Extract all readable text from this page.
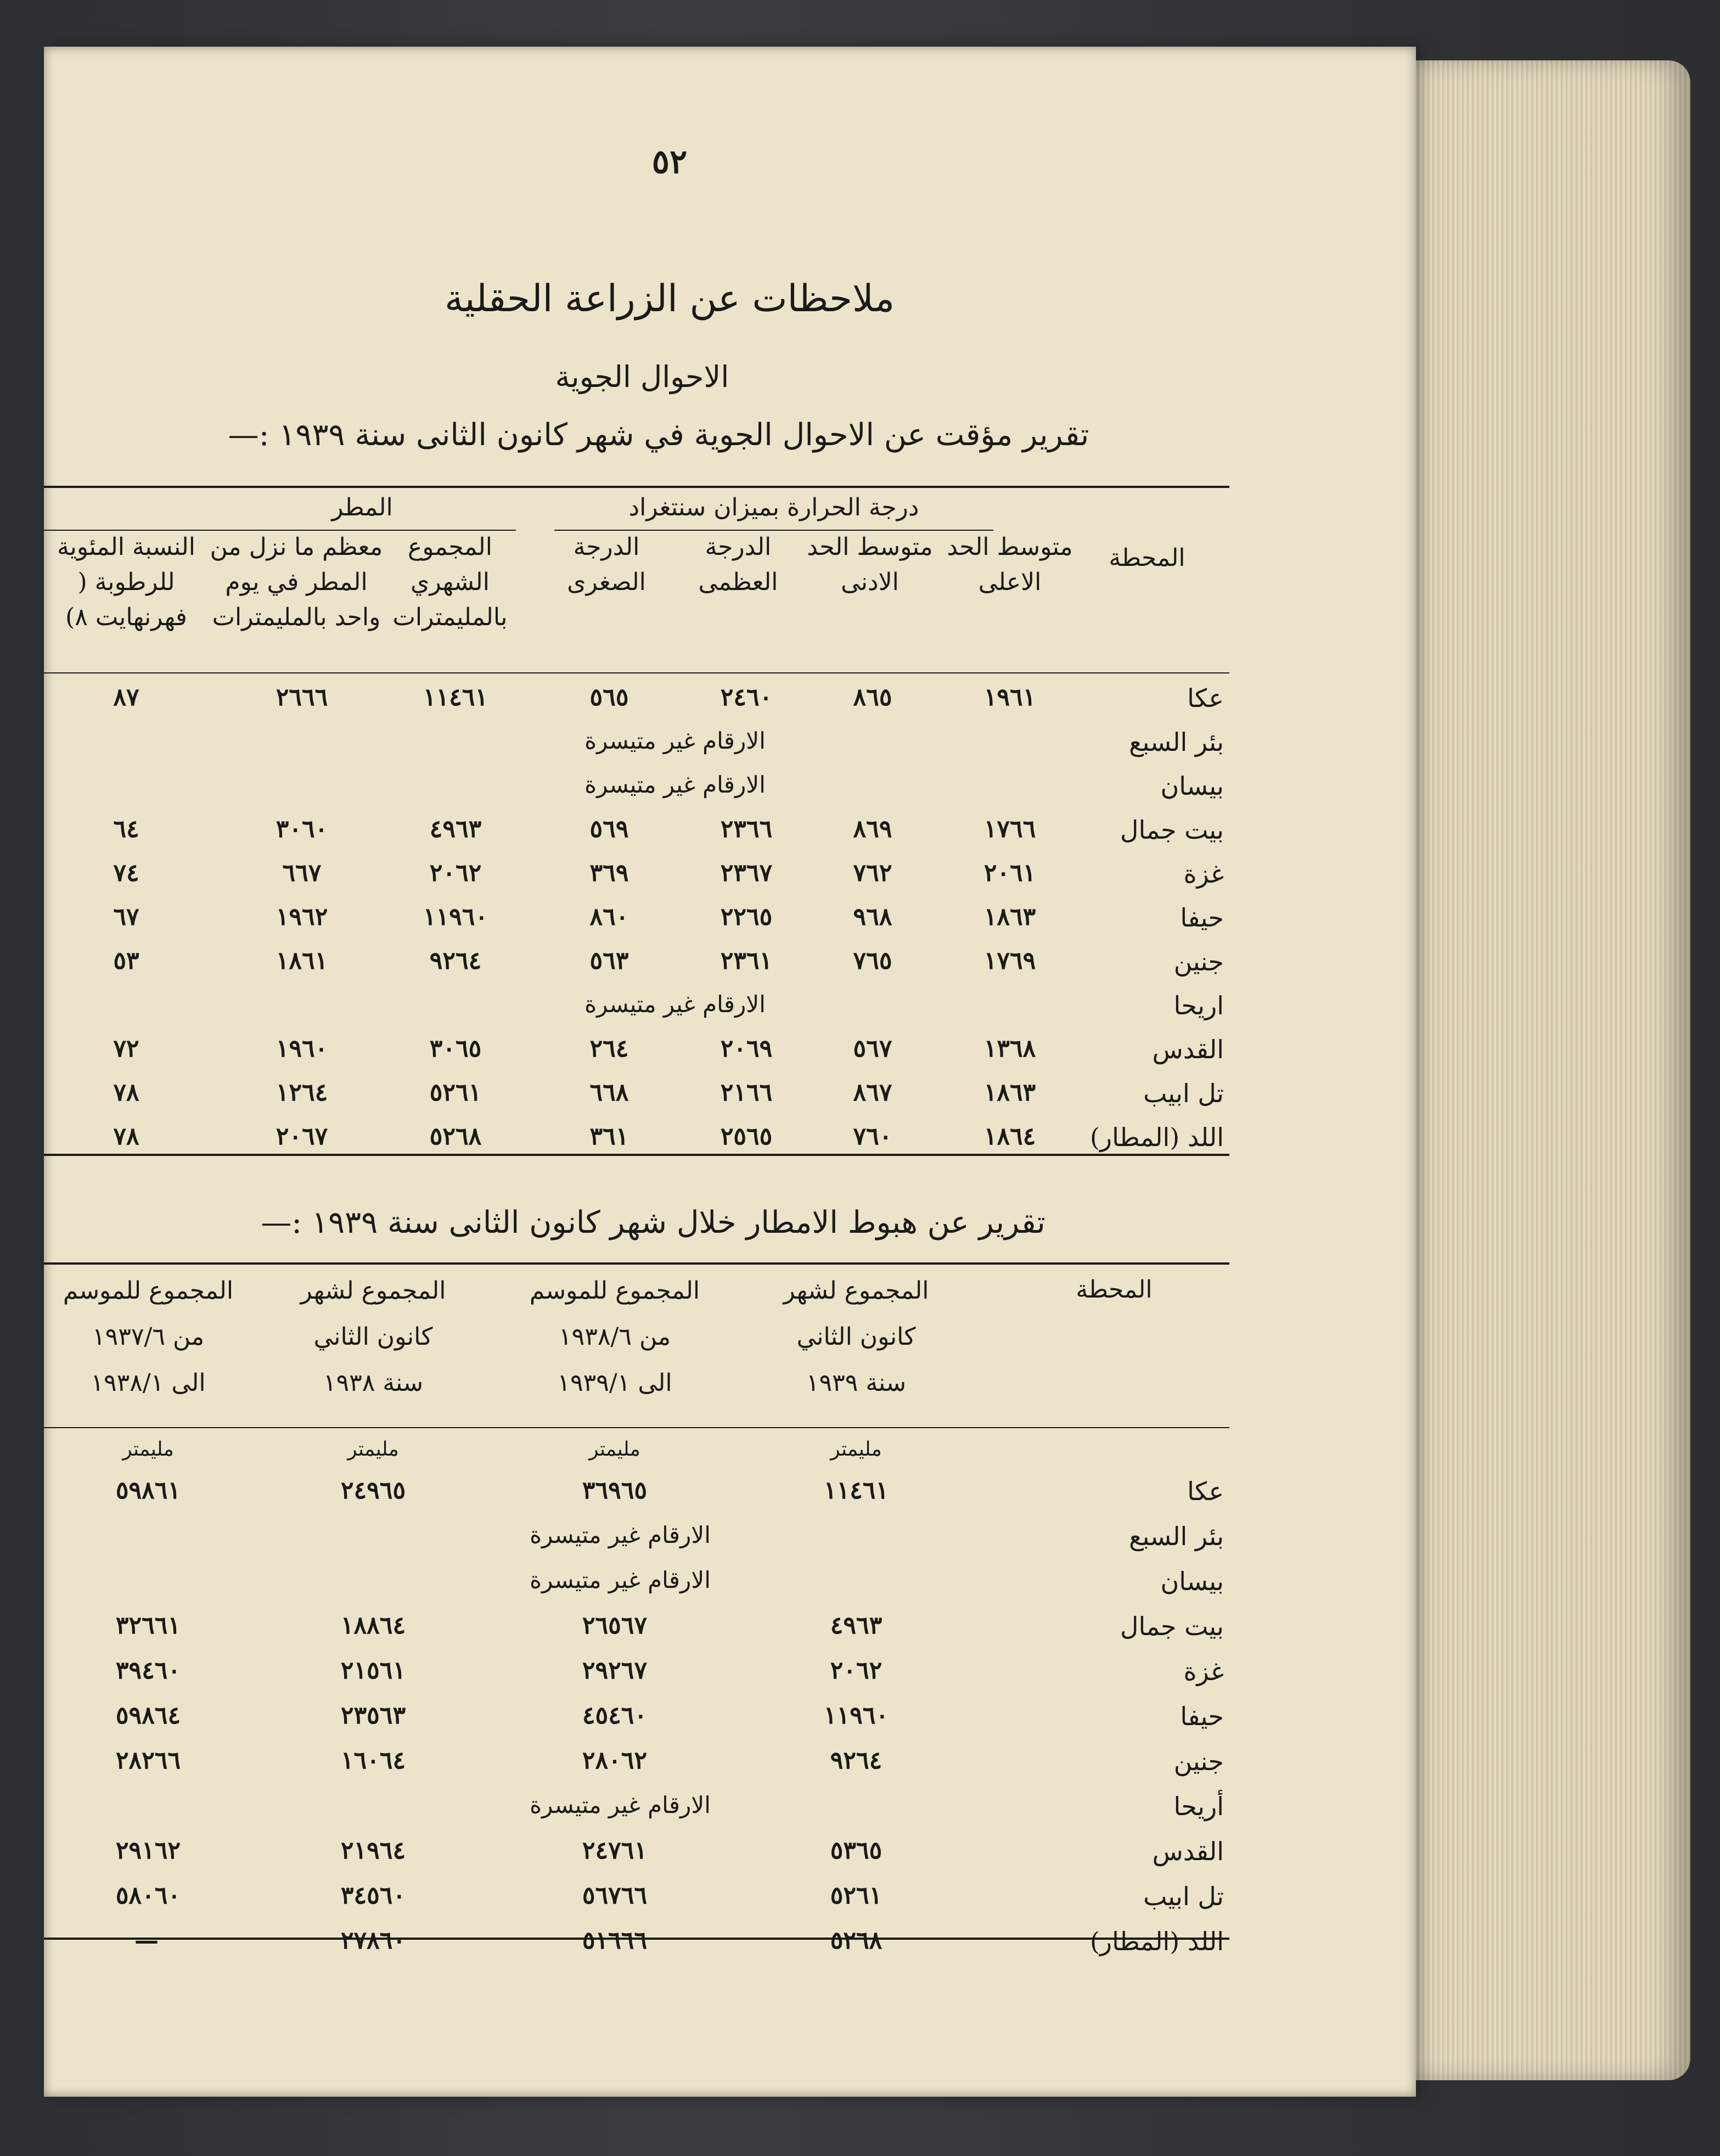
٥٢
ملاحظات عن الزراعة الحقلية
الاحوال الجوية
تقرير مؤقت عن الاحوال الجوية في شهر كانون الثانى سنة ١٩٣٩ :—
درجة الحرارة بميزان سنتغراد
المطر
المحطة
متوسط الحد الاعلى
متوسط الحد الادنى
الدرجة العظمى
الدرجة الصغرى
المجموع الشهري بالمليمترات
معظم ما نزل من المطر في يوم واحد بالمليمترات
النسبة المئوية للرطوبة ( فهرنهايت ٨)
عكا
١٩٦١
٨٦٥
٢٤٦٠
٥٦٥
١١٤٦١
٢٦٦٦
٨٧
بئر السبع
الارقام غير متيسرة
بيسان
الارقام غير متيسرة
بيت جمال
١٧٦٦
٨٦٩
٢٣٦٦
٥٦٩
٤٩٦٣
٣٠٦٠
٦٤
غزة
٢٠٦١
٧٦٢
٢٣٦٧
٣٦٩
٢٠٦٢
٦٦٧
٧٤
حيفا
١٨٦٣
٩٦٨
٢٢٦٥
٨٦٠
١١٩٦٠
١٩٦٢
٦٧
جنين
١٧٦٩
٧٦٥
٢٣٦١
٥٦٣
٩٢٦٤
١٨٦١
٥٣
اريحا
الارقام غير متيسرة
القدس
١٣٦٨
٥٦٧
٢٠٦٩
٢٦٤
٣٠٦٥
١٩٦٠
٧٢
تل ابيب
١٨٦٣
٨٦٧
٢١٦٦
٦٦٨
٥٢٦١
١٢٦٤
٧٨
اللد (المطار)
١٨٦٤
٧٦٠
٢٥٦٥
٣٦١
٥٢٦٨
٢٠٦٧
٧٨
تقرير عن هبوط الامطار خلال شهر كانون الثانى سنة ١٩٣٩ :—
المحطة
المجموع لشهر
كانون الثاني
سنة ١٩٣٩
المجموع للموسم
من ١٩٣٨/٦
الى ١٩٣٩/١
المجموع لشهر
كانون الثاني
سنة ١٩٣٨
المجموع للموسم
من ١٩٣٧/٦
الى ١٩٣٨/١
مليمتر
مليمتر
مليمتر
مليمتر
عكا
١١٤٦١
٣٦٩٦٥
٢٤٩٦٥
٥٩٨٦١
بئر السبع
الارقام غير متيسرة
بيسان
الارقام غير متيسرة
بيت جمال
٤٩٦٣
٢٦٥٦٧
١٨٨٦٤
٣٢٦٦١
غزة
٢٠٦٢
٢٩٢٦٧
٢١٥٦١
٣٩٤٦٠
حيفا
١١٩٦٠
٤٥٤٦٠
٢٣٥٦٣
٥٩٨٦٤
جنين
٩٢٦٤
٢٨٠٦٢
١٦٠٦٤
٢٨٢٦٦
أريحا
الارقام غير متيسرة
القدس
٥٣٦٥
٢٤٧٦١
٢١٩٦٤
٢٩١٦٢
تل ابيب
٥٢٦١
٥٦٧٦٦
٣٤٥٦٠
٥٨٠٦٠
اللد (المطار)
٥٢٦٨
٥١٦٦٦
٢٧٨٦٠
—
